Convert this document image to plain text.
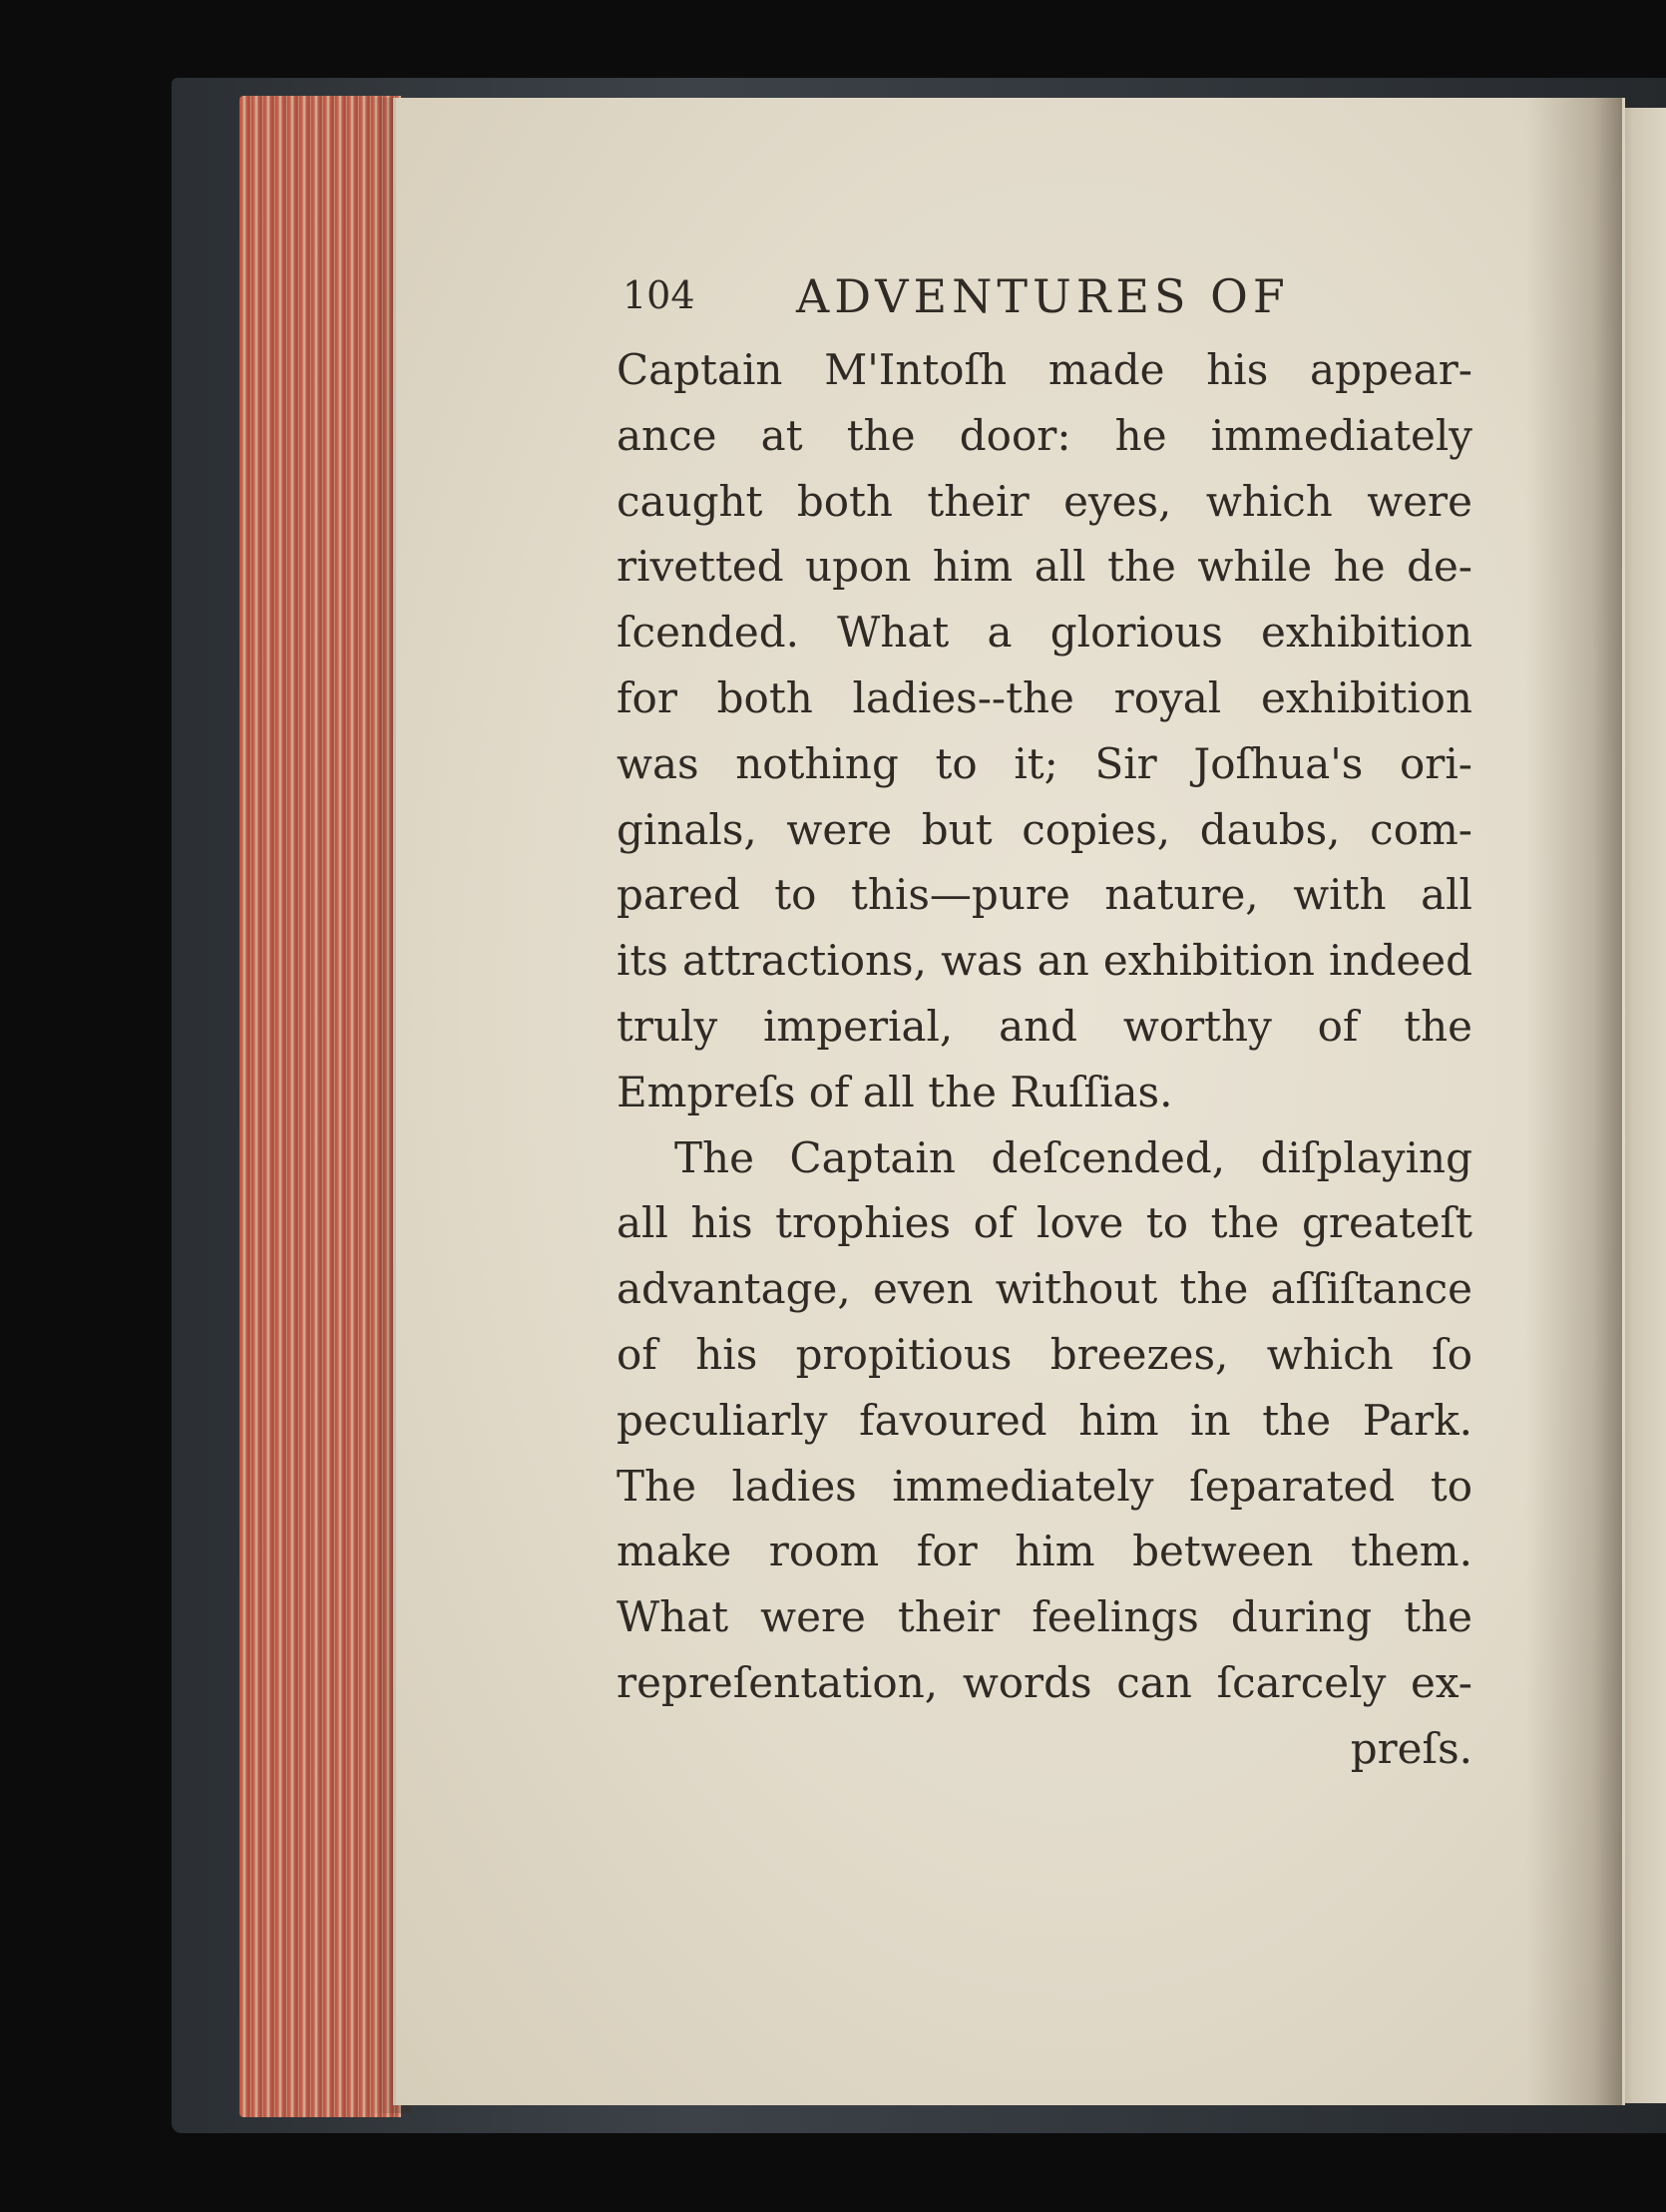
104 ADVENTURES OF
Captain M'Intoſh made his appear-
ance at the door: he immediately
caught both their eyes, which were
rivetted upon him all the while he de-
ſcended. What a glorious exhibition
for both ladies--the royal exhibition
was nothing to it; Sir Joſhua's ori-
ginals, were but copies, daubs, com-
pared to this—pure nature, with all
its attractions, was an exhibition indeed
truly imperial, and worthy of the
Empreſs of all the Ruſſias.
The Captain deſcended, diſplaying
all his trophies of love to the greateſt
advantage, even without the aſſiſtance
of his propitious breezes, which ſo
peculiarly favoured him in the Park.
The ladies immediately ſeparated to
make room for him between them.
What were their feelings during the
repreſentation, words can ſcarcely ex-
preſs.
